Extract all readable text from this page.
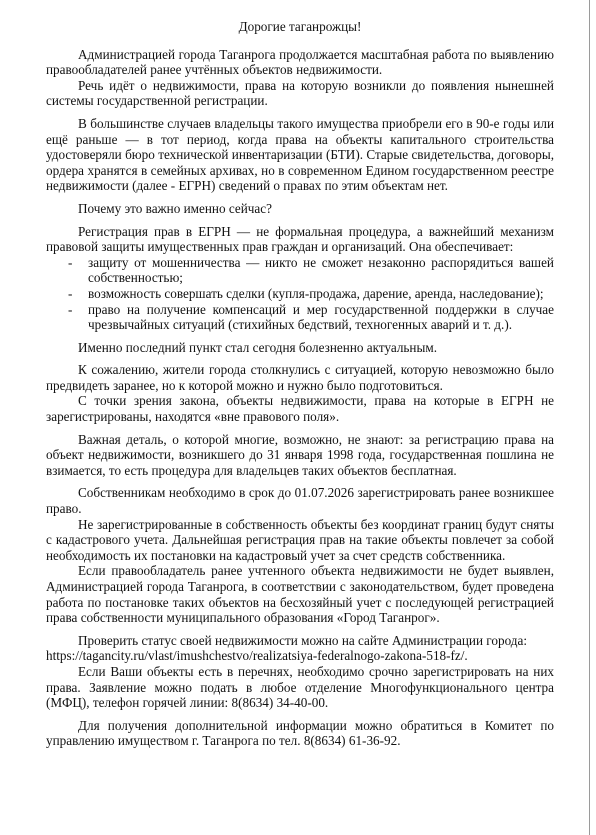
Дорогие таганрожцы!

Администрацией города Таганрога продолжается масштабная работа по выявлению правообладателей ранее учтённых объектов недвижимости.

Речь идёт о недвижимости, права на которую возникли до появления нынешней системы государственной регистрации.

В большинстве случаев владельцы такого имущества приобрели его в 90-е годы или ещё раньше — в тот период, когда права на объекты капитального строительства удостоверяли бюро технической инвентаризации (БТИ). Старые свидетельства, договоры, ордера хранятся в семейных архивах, но в современном Едином государственном реестре недвижимости (далее - ЕГРН) сведений о правах по этим объектам нет.

Почему это важно именно сейчас?

Регистрация прав в ЕГРН — не формальная процедура, а важнейший механизм правовой защиты имущественных прав граждан и организаций. Она обеспечивает:

- защиту от мошенничества — никто не сможет незаконно распорядиться вашей собственностью;
- возможность совершать сделки (купля-продажа, дарение, аренда, наследование);
- право на получение компенсаций и мер государственной поддержки в случае чрезвычайных ситуаций (стихийных бедствий, техногенных аварий и т. д.).

Именно последний пункт стал сегодня болезненно актуальным.

К сожалению, жители города столкнулись с ситуацией, которую невозможно было предвидеть заранее, но к которой можно и нужно было подготовиться.

С точки зрения закона, объекты недвижимости, права на которые в ЕГРН не зарегистрированы, находятся «вне правового поля».

Важная деталь, о которой многие, возможно, не знают: за регистрацию права на объект недвижимости, возникшего до 31 января 1998 года, государственная пошлина не взимается, то есть процедура для владельцев таких объектов бесплатная.

Собственникам необходимо в срок до 01.07.2026 зарегистрировать ранее возникшее право.

Не зарегистрированные в собственность объекты без координат границ будут сняты с кадастрового учета. Дальнейшая регистрация прав на такие объекты повлечет за собой необходимость их постановки на кадастровый учет за счет средств собственника.

Если правообладатель ранее учтенного объекта недвижимости не будет выявлен, Администрацией города Таганрога, в соответствии с законодательством, будет проведена работа по постановке таких объектов на бесхозяйный учет с последующей регистрацией права собственности муниципального образования «Город Таганрог».

Проверить статус своей недвижимости можно на сайте Администрации города:

https://tagancity.ru/vlast/imushchestvo/realizatsiya-federalnogo-zakona-518-fz/.

Если Ваши объекты есть в перечнях, необходимо срочно зарегистрировать на них права. Заявление можно подать в любое отделение Многофункционального центра (МФЦ), телефон горячей линии: 8(8634) 34-40-00.

Для получения дополнительной информации можно обратиться в Комитет по управлению имуществом г. Таганрога по тел. 8(8634) 61-36-92.
